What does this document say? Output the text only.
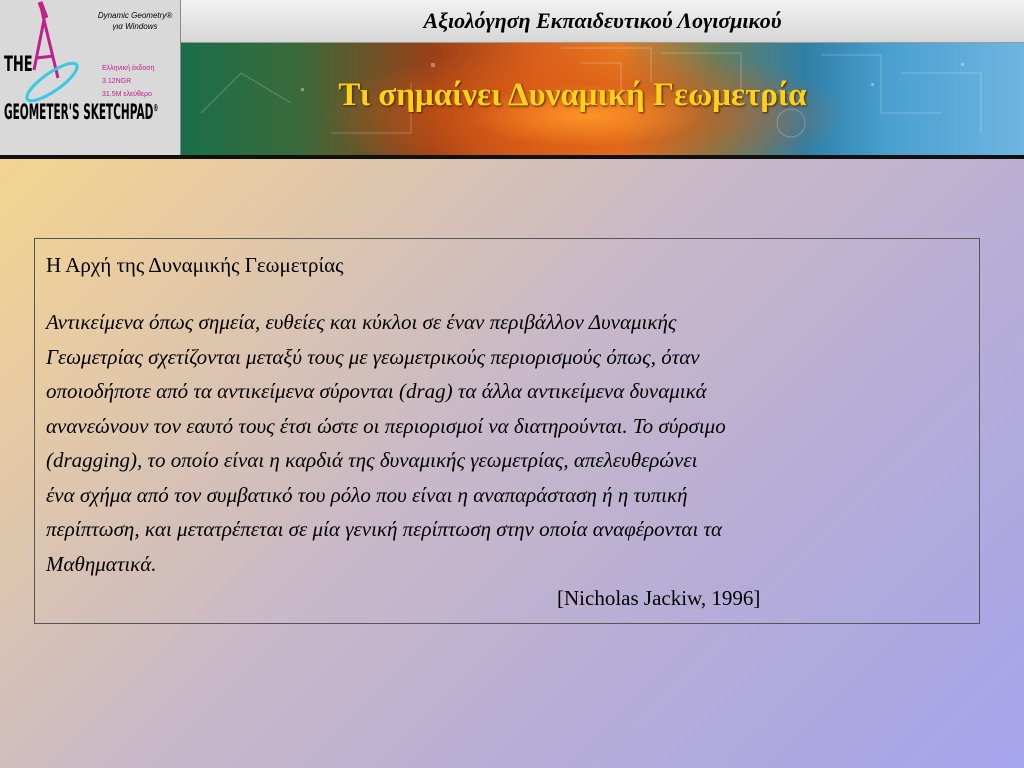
Dynamic Geometry®
για Windows
Ελληνική έκδοση 3.12NGR
31.5M ελεύθερο
THE
GEOMETER'S SKETCHPAD®
Αξιολόγηση Εκπαιδευτικού Λογισμικού
Τι σημαίνει Δυναμική Γεωμετρία

Η Αρχή της Δυναμικής Γεωμετρίας

Αντικείμενα όπως σημεία, ευθείες και κύκλοι σε έναν περιβάλλον Δυναμικής
Γεωμετρίας σχετίζονται μεταξύ τους με γεωμετρικούς περιορισμούς όπως, όταν
οποιοδήποτε από τα αντικείμενα σύρονται (drag) τα άλλα αντικείμενα δυναμικά
ανανεώνουν τον εαυτό τους έτσι ώστε οι περιορισμοί να διατηρούνται. Το σύρσιμο
(dragging), το οποίο είναι η καρδιά της δυναμικής γεωμετρίας, απελευθερώνει
ένα σχήμα από τον συμβατικό του ρόλο που είναι η αναπαράσταση ή η τυπική
περίπτωση, και μετατρέπεται σε μία γενική περίπτωση στην οποία αναφέρονται τα
Μαθηματικά.

[Nicholas Jackiw, 1996]
